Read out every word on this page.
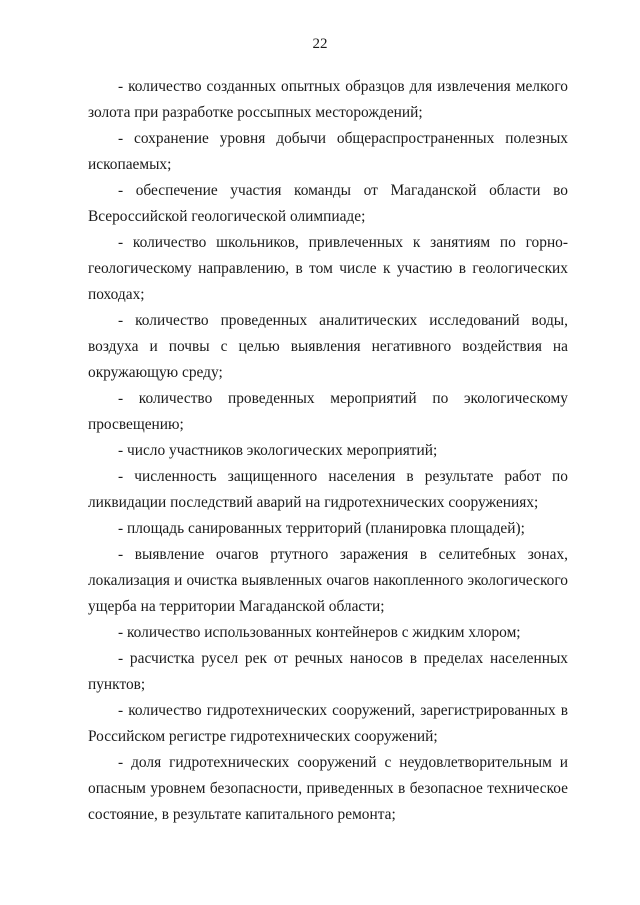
22

- количество созданных опытных образцов для извлечения мелкого золота при разработке россыпных месторождений;

- сохранение уровня добычи общераспространенных полезных ископаемых;

- обеспечение участия команды от Магаданской области во Всероссийской геологической олимпиаде;

- количество школьников, привлеченных к занятиям по горно-геологическому направлению, в том числе к участию в геологических походах;

- количество проведенных аналитических исследований воды, воздуха и почвы с целью выявления негативного воздействия на окружающую среду;

- количество проведенных мероприятий по экологическому просвещению;

- число участников экологических мероприятий;

- численность защищенного населения в результате работ по ликвидации последствий аварий на гидротехнических сооружениях;

- площадь санированных территорий (планировка площадей);

- выявление очагов ртутного заражения в селитебных зонах, локализация и очистка выявленных очагов накопленного экологического ущерба на территории Магаданской области;

- количество использованных контейнеров с жидким хлором;

- расчистка русел рек от речных наносов в пределах населенных пунктов;

- количество гидротехнических сооружений, зарегистрированных в Российском регистре гидротехнических сооружений;

- доля гидротехнических сооружений с неудовлетворительным и опасным уровнем безопасности, приведенных в безопасное техническое состояние, в результате капитального ремонта;
